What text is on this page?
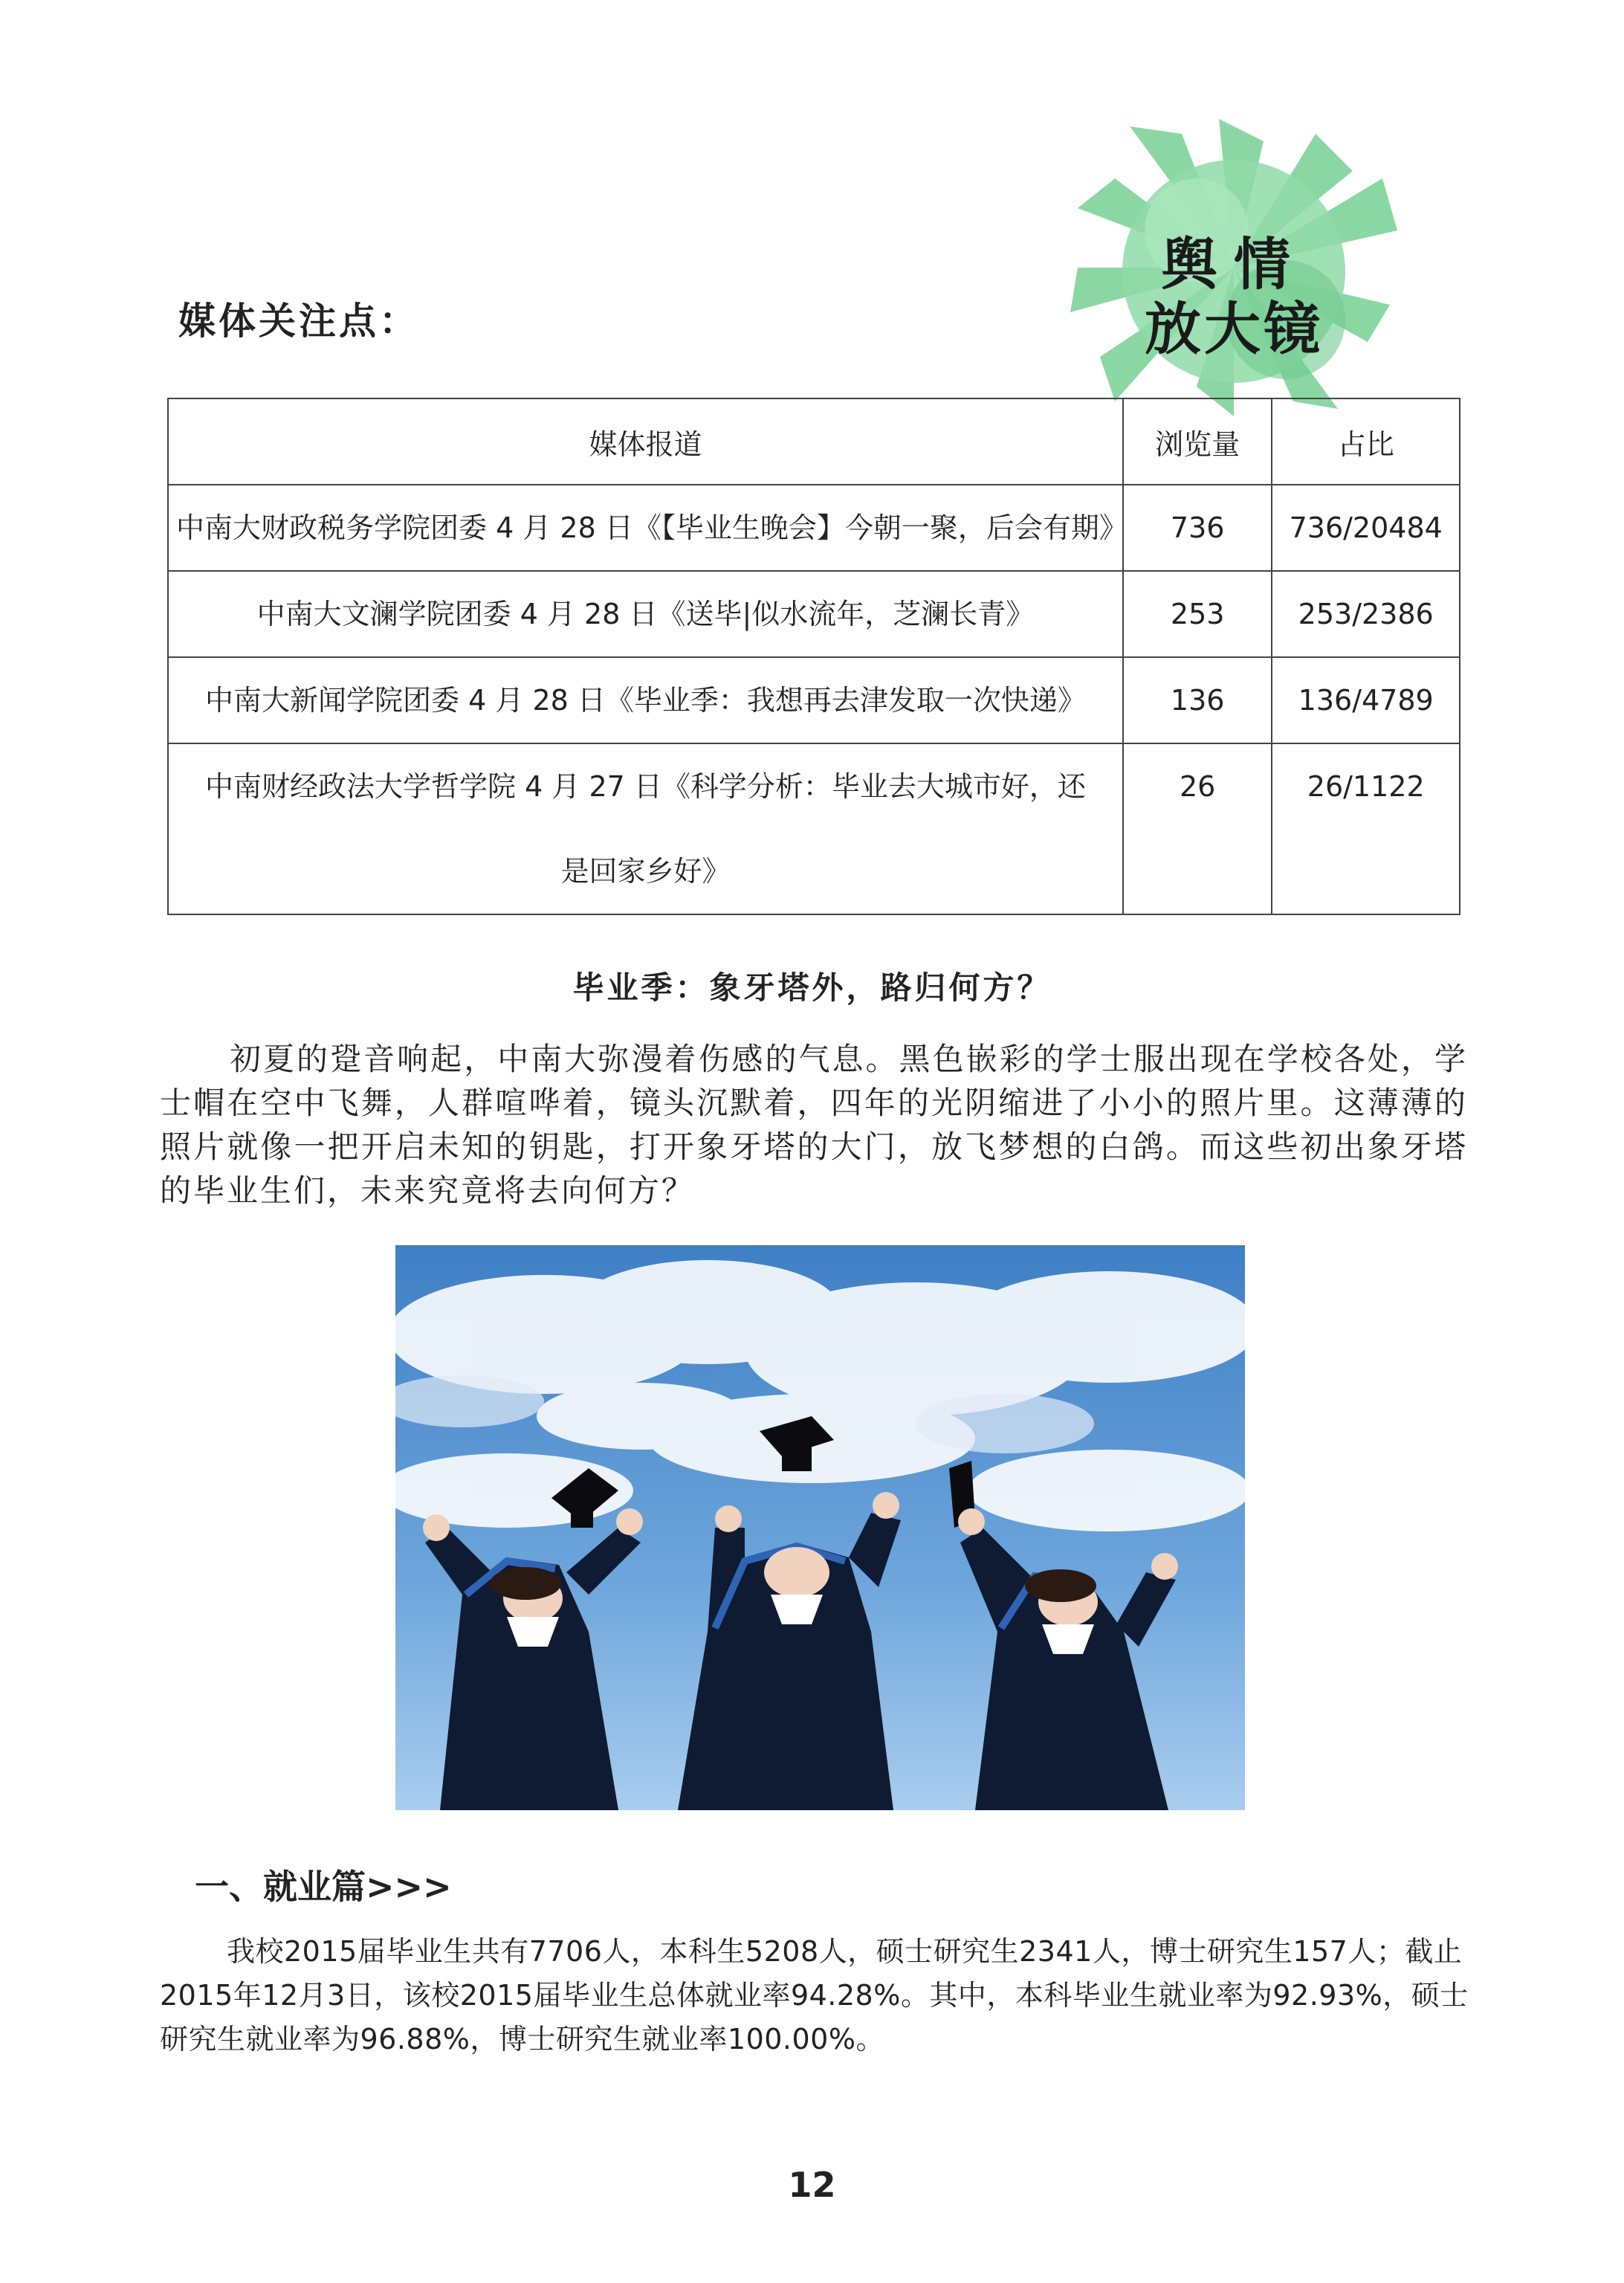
舆情
放大镜
媒体关注点：
媒体报道	浏览量	占比
中南大财政税务学院团委 4 月 28 日《【毕业生晚会】今朝一聚，后会有期》	736	736/20484
中南大文澜学院团委 4 月 28 日《送毕|似水流年，芝澜长青》	253	253/2386
中南大新闻学院团委 4 月 28 日《毕业季：我想再去津发取一次快递》	136	136/4789
中南财经政法大学哲学院 4 月 27 日《科学分析：毕业去大城市好，还是回家乡好》	26	26/1122
毕业季：象牙塔外，路归何方？

初夏的跫音响起，中南大弥漫着伤感的气息。黑色嵌彩的学士服出现在学校各处，学士帽在空中飞舞，人群喧哗着，镜头沉默着，四年的光阴缩进了小小的照片里。这薄薄的照片就像一把开启未知的钥匙，打开象牙塔的大门，放飞梦想的白鸽。而这些初出象牙塔的毕业生们，未来究竟将去向何方？

一、就业篇>>>

我校2015届毕业生共有7706人，本科生5208人，硕士研究生2341人，博士研究生157人；截止2015年12月3日，该校2015届毕业生总体就业率94.28%。其中，本科毕业生就业率为92.93%，硕士研究生就业率为96.88%，博士研究生就业率100.00%。

12
